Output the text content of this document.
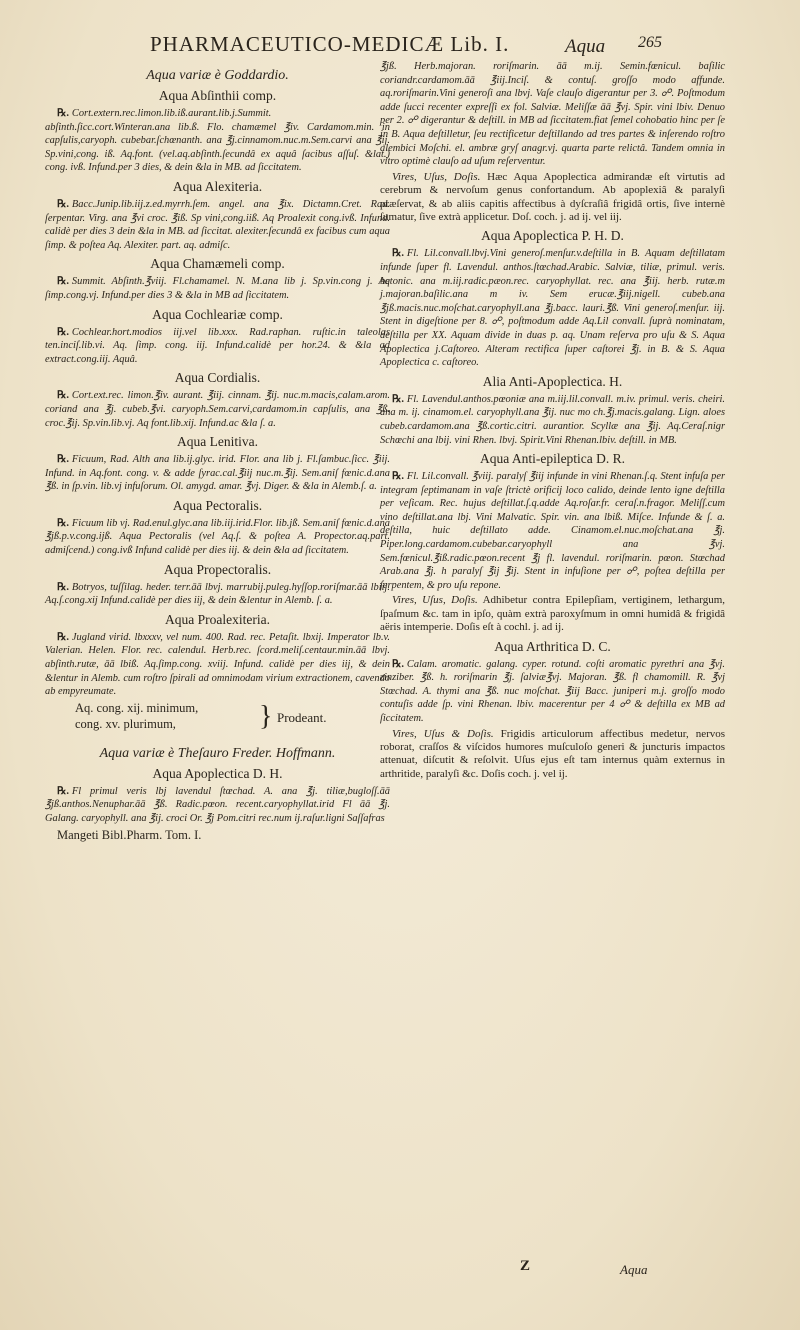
PHARMACEUTICO-MEDICÆ Lib. I.	Aqua 265
Aqua variæ è Goddardio.
Aqua Abſinthii comp.

℞. Cort.extern.rec.limon.lib.iß.aurant.lib.j.Summit. abſinth.ſicc.cort.Winteran.ana lib.ß. Flo. chamæmel ℥iv. Cardamom.min. in capſulis,caryoph. cubebar.ſchœnanth. ana ℥j.cinnamom.nuc.m.Sem.carvi ana ℥ij. Sp.vini,cong. iß. Aq.font. (vel.aq.abſinth.ſecundâ ex aquâ ſacibus aſſuſ. &lat.) cong. ivß. Infund.per 3 dies, & dein &la in MB. ad ſiccitatem.

Aqua Alexiteria.

℞. Bacc.Junip.lib.iij.z.ed.myrrh.ſem. angel. ana ℥ix. Dictamn.Cret. Rad. ſerpentar. Virg. ana ℥vi croc. ℥iß. Sp vini,cong.iiß. Aq Proalexit cong.ivß. Infund. calidè per dies 3 dein &la in MB. ad ſiccitat. alexiter.ſecundâ ex facibus cum aqua ſimp. & poſtea Aq. Alexiter. part. aq. admiſc.

Aqua Chamæmeli comp.

℞. Summit. Abſinth.℥viij. Fl.chamamel. N. M.ana lib j. Sp.vin.cong j. Aq ſimp.cong.vj. Infund.per dies 3 & &la in MB ad ſiccitatem.

Aqua Cochleariæ comp.

℞. Cochlear.hort.modios iij.vel lib.xxx. Rad.raphan. ruſtic.in taleolas ten.inciſ.lib.vi. Aq. ſimp. cong. iij. Infund.calidè per hor.24. & &la ad extract.cong.iij. Aquâ.

Aqua Cordialis.

℞. Cort.ext.rec. limon.℥iv. aurant. ℥iij. cinnam. ℥ij. nuc.m.macis,calam.arom. coriand ana ℥j. cubeb.℥vi. caryoph.Sem.carvi,cardamom.in capſulis, ana ℥ß. croc.℥ij. Sp.vin.lib.vj. Aq font.lib.xij. Infund.ac &la ſ. a.

Aqua Lenitiva.

℞. Ficuum, Rad. Alth ana lib.ij.glyc. irid. Flor. ana lib j. Fl.ſambuc.ſicc. ℥iij. Infund. in Aq.font. cong. v. & adde ſyrac.cal.℥iij nuc.m.℥ij. Sem.aniſ fœnic.d.ana ℥ß. in ſp.vin. lib.vj infuſorum. Ol. amygd. amar. ℥vj. Diger. & &la in Alemb.ſ. a.

Aqua Pectoralis.

℞. Ficuum lib vj. Rad.enul.glyc.ana lib.iij.irid.Flor. lib.jß. Sem.aniſ fœnic.d.ana ℥jß.p.v.cong.ijß. Aqua Pectoralis (vel Aq.ſ. & poſtea A. Propector.aq.part. admiſcend.) cong.ivß Infund calidè per dies iij. & dein &la ad ſiccitatem.

Aqua Propectoralis.

℞. Botryos, tuſſilag. heder. terr.āā lbvj. marrubij.puleg.hyſſop.roriſmar.āā lbiij. Aq.ſ.cong.xij Infund.calidè per dies iij, & dein &lentur in Alemb. ſ. a.

Aqua Proalexiteria.

℞. Jugland virid. lbxxxv, vel num. 400. Rad. rec. Petaſit. lbxij. Imperator lb.v. Valerian. Helen. Flor. rec. calendul. Herb.rec. ſcord.meliſ.centaur.min.āā lbvj. abſinth.rutæ, āā lbiß. Aq.ſimp.cong. xviij. Infund. calidè per dies iij, & dein &lentur in Alemb. cum roſtro ſpirali ad omnimodam virium extractionem, cavendo ab empyreumate.

Aq. cong. xij. minimum,
cong. xv. plurimum,	} Prodeant.
Aqua variæ è Theſauro Freder. Hoffmann.
Aqua Apoplectica D. H.

℞. Fl primul veris lbj lavendul ſtœchad. A. ana ℥j. tiliæ,bugloſſ.āā ℥jß.anthos.Nenuphar.āā ℥ß. Radic.pœon. recent.caryophyllat.irid Fl āā ℥j. Galang. caryophyll. ana ℥ij. croci Or. ℥j Pom.citri rec.num ij.raſur.ligni Saſſafras

Mangeti Bibl.Pharm. Tom. I.

℥jß. Herb.majoran. roriſmarin. āā m.ij. Semin.fœnicul. baſilic coriandr.cardamom.āā ℥iij.Inciſ. & contuſ. groſſo modo affunde. aq.roriſmarin.Vini generoſi ana lbvj. Vaſe clauſo digerantur per 3. ☍. Poſtmodum adde ſucci recenter expreſſi ex fol. Salviæ. Meliſſæ āā ℥vj. Spir. vini lbiv. Denuo per 2. ☍ digerantur & deſtill. in MB ad ſiccitatem.fiat ſemel cohobatio hinc per ſe in B. Aqua deſtilletur, ſeu rectificetur deſtillando ad tres partes & inſerendo roſtro alembici Moſchi. el. ambræ gryſ anagr.vj. quarta parte relictâ. Tandem omnia in vitro optimè clauſo ad uſum reſerventur.

Vires, Uſus, Doſis. Hæc Aqua Apoplectica admirandæ eſt virtutis ad cerebrum & nervoſum genus confortandum. Ab apoplexiâ & paralyſi præſervat, & ab aliis capitis affectibus à dyſcraſiâ frigidâ ortis, ſive internè ſumatur, ſive extrà applicetur. Doſ. coch. j. ad ij. vel iij.

Aqua Apoplectica P. H. D.

℞. Fl. Lil.convall.lbvj.Vini generoſ.menſur.v.deſtilla in B. Aquam deſtillatam infunde ſuper fl. Lavendul. anthos.ſtœchad.Arabic. Salviæ, tiliæ, primul. veris. betonic. ana m.iij.radic.pæon.rec. caryophyllat. rec. ana ℥iij. herb. rutæ.m j.majoran.baſilic.ana m iv. Sem erucæ.℥iij.nigell. cubeb.ana ℥jß.macis.nuc.moſchat.caryophyll.ana ℥j.bacc. lauri.℥ß. Vini generoſ.menſur. iij. Stent in digeſtione per 8. ☍, poſtmodum adde Aq.Lil convall. ſuprà nominatam, deſtilla per XX. Aquam divide in duas p. aq. Unam reſerva pro uſu & S. Aqua Apoplectica j.Caſtoreo. Alteram rectifica ſuper caſtorei ℥j. in B. & S. Aqua Apoplectica c. caſtoreo.

Alia Anti-Apoplectica. H.

℞. Fl. Lavendul.anthos.pœoniæ ana m.iij.lil.convall. m.iv. primul. veris. cheiri. ana m. ij. cinamom.el. caryophyll.ana ℥ij. nuc mo ch.℥j.macis.galang. Lign. aloes cubeb.cardamom.ana ℥ß.cortic.citri. aurantior. Scyllæ ana ℥ij. Aq.Ceraſ.nigr Schœchi ana lbij. vini Rhen. lbvj. Spirit.Vini Rhenan.lbiv. deſtill. in MB.

Aqua Anti-epileptica D. R.

℞. Fl. Lil.convall. ℥viij. paralyſ ℥iij infunde in vini Rhenan.ſ.q. Stent infuſa per integram ſeptimanam in vaſe ſtrictè orificij loco calido, deinde lento igne deſtilla per veſicam. Rec. hujus deſtillat.ſ.q.adde Aq.roſar.fr. ceraſ.n.fragor. Meliſſ.cum vino deſtillat.ana lbj. Vini Malvatic. Spir. vin. ana lbiß. Miſce. Infunde & ſ. a. deſtilla, huic deſtillato adde. Cinamom.el.nuc.moſchat.ana ℥j. Piper.long.cardamom.cubebar.caryophyll ana ℥vj. Sem.fœnicul.℥iß.radic.pœon.recent ℥j fl. lavendul. roriſmarin. pœon. Stœchad Arab.ana ℥j. h paralyſ ℥ij ℥ij. Stent in infuſione per ☍, poſtea deſtilla per ſerpentem, & pro uſu repone.

Vires, Uſus, Doſis. Adhibetur contra Epilepſiam, vertiginem, lethargum, ſpaſmum &c. tam in ipſo, quàm extrà paroxyſmum in omni humidâ & frigidâ aëris intemperie. Doſis eſt à cochl. j. ad ij.

Aqua Arthritica D. C.

℞. Calam. aromatic. galang. cyper. rotund. coſti aromatic pyrethri ana ℥vj. zinziber. ℥ß. h. roriſmarin ℥j. ſalviæ℥vj. Majoran. ℥ß. fl chamomill. R. ℥vj Stœchad. A. thymi ana ℥ß. nuc moſchat. ℥iij Bacc. juniperi m.j. groſſo modo contuſis adde ſp. vini Rhenan. lbiv. macerentur per 4 ☍ & deſtilla ex MB ad ſiccitatem.

Vires, Uſus & Doſis. Frigidis articulorum affectibus medetur, nervos roborat, craſſos & viſcidos humores muſculoſo generi & juncturis impactos attenuat, diſcutit & reſolvit. Uſus ejus eſt tam internus quàm externus in arthritide, paralyſi &c. Doſis coch. j. vel ij.

Z	Aqua
